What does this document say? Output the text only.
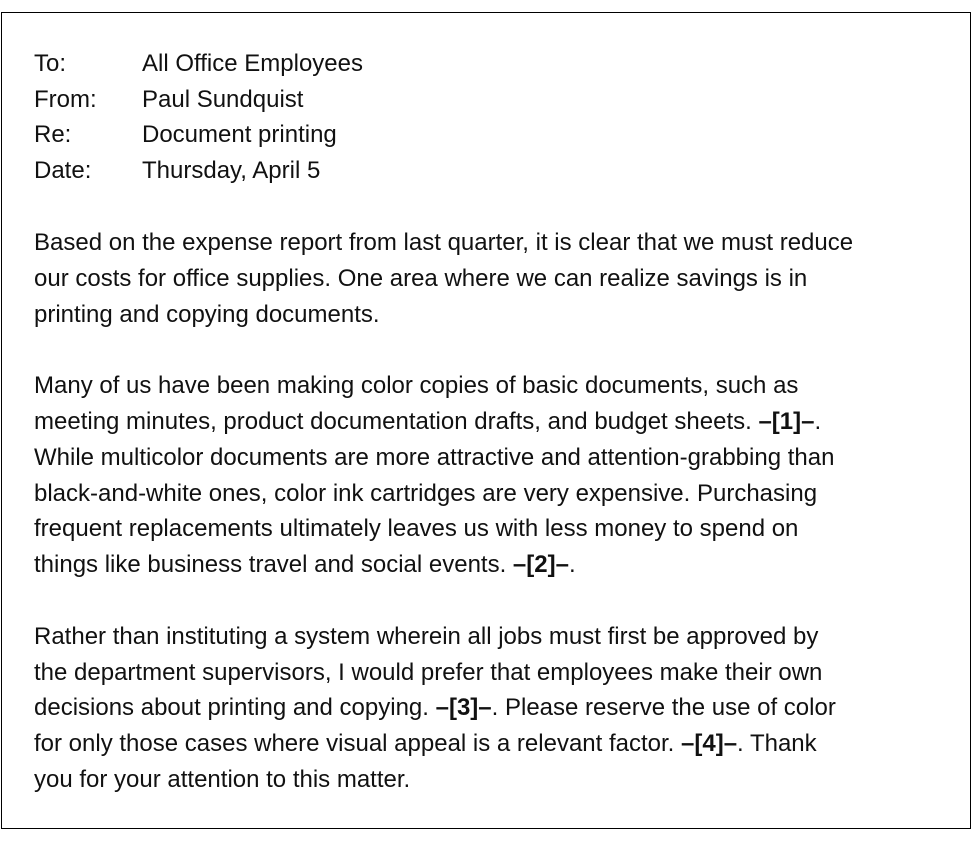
To:	All Office Employees
From: Paul Sundquist
Re:	Document printing
Date: Thursday, April 5
Based on the expense report from last quarter, it is clear that we must reduce
our costs for office supplies. One area where we can realize savings is in
printing and copying documents.
Many of us have been making color copies of basic documents, such as
meeting minutes, product documentation drafts, and budget sheets. –[1]–.
While multicolor documents are more attractive and attention-grabbing than
black-and-white ones, color ink cartridges are very expensive. Purchasing
frequent replacements ultimately leaves us with less money to spend on
things like business travel and social events. –[2]–.
Rather than instituting a system wherein all jobs must first be approved by
the department supervisors, I would prefer that employees make their own
decisions about printing and copying. –[3]–. Please reserve the use of color
for only those cases where visual appeal is a relevant factor. –[4]–. Thank
you for your attention to this matter.
